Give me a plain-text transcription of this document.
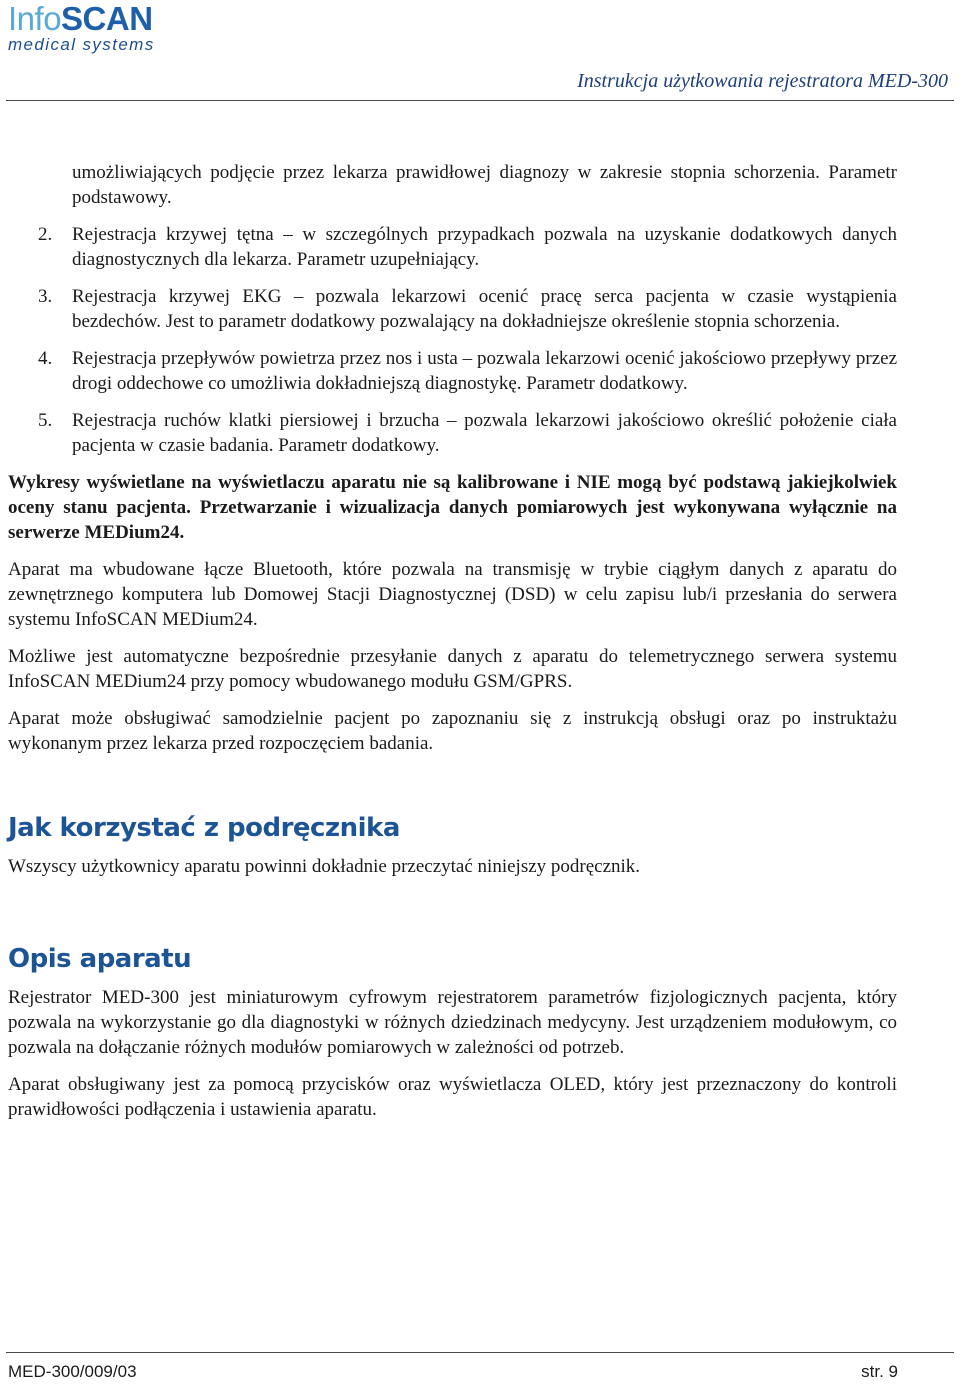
InfoSCAN
medical systems
Instrukcja użytkowania rejestratora MED-300
umożliwiających podjęcie przez lekarza prawidłowej diagnozy w zakresie stopnia schorzenia. Parametr podstawowy.
2. Rejestracja krzywej tętna – w szczególnych przypadkach pozwala na uzyskanie dodatkowych danych diagnostycznych dla lekarza. Parametr uzupełniający.
3. Rejestracja krzywej EKG – pozwala lekarzowi ocenić pracę serca pacjenta w czasie wystąpienia bezdechów. Jest to parametr dodatkowy pozwalający na dokładniejsze określenie stopnia schorzenia.
4. Rejestracja przepływów powietrza przez nos i usta – pozwala lekarzowi ocenić jakościowo przepływy przez drogi oddechowe co umożliwia dokładniejszą diagnostykę. Parametr dodatkowy.
5. Rejestracja ruchów klatki piersiowej i brzucha – pozwala lekarzowi jakościowo określić położenie ciała pacjenta w czasie badania. Parametr dodatkowy.

Wykresy wyświetlane na wyświetlaczu aparatu nie są kalibrowane i NIE mogą być podstawą jakiejkolwiek oceny stanu pacjenta. Przetwarzanie i wizualizacja danych pomiarowych jest wykonywana wyłącznie na serwerze MEDium24.

Aparat ma wbudowane łącze Bluetooth, które pozwala na transmisję w trybie ciągłym danych z aparatu do zewnętrznego komputera lub Domowej Stacji Diagnostycznej (DSD) w celu zapisu lub/i przesłania do serwera systemu InfoSCAN MEDium24.

Możliwe jest automatyczne bezpośrednie przesyłanie danych z aparatu do telemetrycznego serwera systemu InfoSCAN MEDium24 przy pomocy wbudowanego modułu GSM/GPRS.

Aparat może obsługiwać samodzielnie pacjent po zapoznaniu się z instrukcją obsługi oraz po instruktażu wykonanym przez lekarza przed rozpoczęciem badania.

Jak korzystać z podręcznika

Wszyscy użytkownicy aparatu powinni dokładnie przeczytać niniejszy podręcznik.

Opis aparatu

Rejestrator MED-300 jest miniaturowym cyfrowym rejestratorem parametrów fizjologicznych pacjenta, który pozwala na wykorzystanie go dla diagnostyki w różnych dziedzinach medycyny. Jest urządzeniem modułowym, co pozwala na dołączanie różnych modułów pomiarowych w zależności od potrzeb.

Aparat obsługiwany jest za pomocą przycisków oraz wyświetlacza OLED, który jest przeznaczony do kontroli prawidłowości podłączenia i ustawienia aparatu.

MED-300/009/03	str. 9
